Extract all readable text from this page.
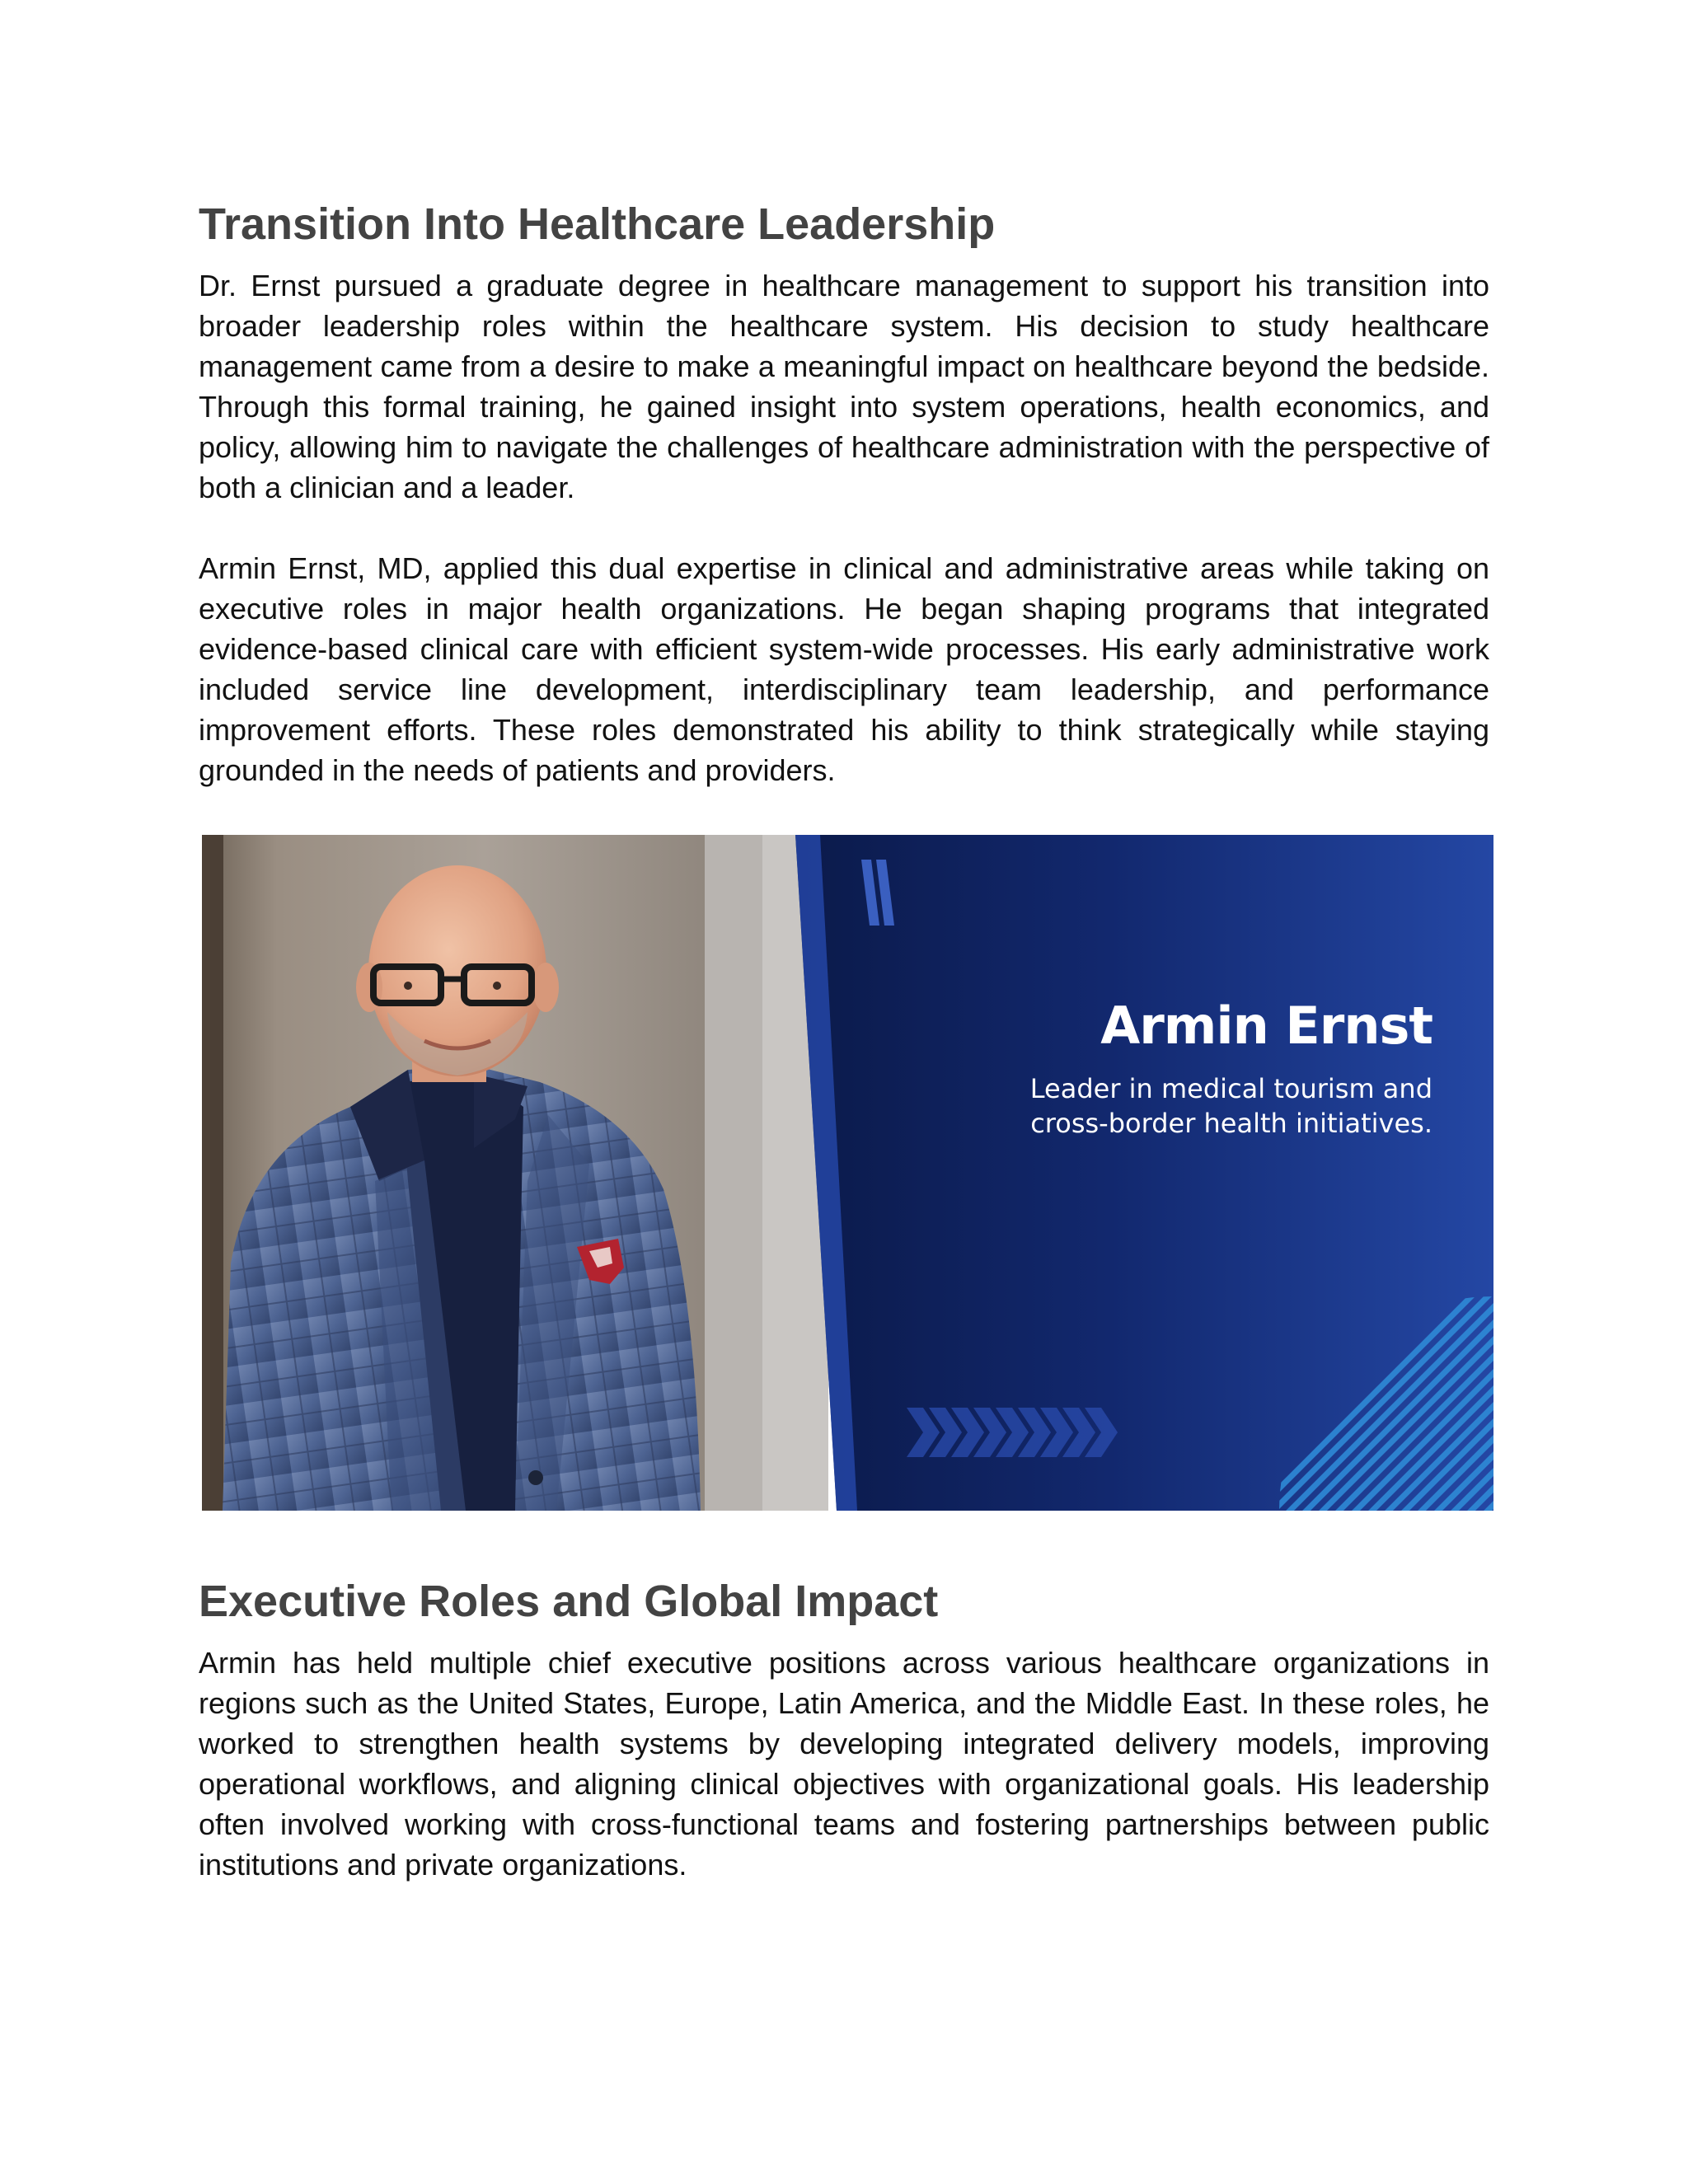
Transition Into Healthcare Leadership

Dr. Ernst pursued a graduate degree in healthcare management to support his transition into broader leadership roles within the healthcare system. His decision to study healthcare management came from a desire to make a meaningful impact on healthcare beyond the bedside. Through this formal training, he gained insight into system operations, health economics, and policy, allowing him to navigate the challenges of healthcare administration with the perspective of both a clinician and a leader.

Armin Ernst, MD, applied this dual expertise in clinical and administrative areas while taking on executive roles in major health organizations. He began shaping programs that integrated evidence-based clinical care with efficient system-wide processes. His early administrative work included service line development, interdisciplinary team leadership, and performance improvement efforts. These roles demonstrated his ability to think strategically while staying grounded in the needs of patients and providers.

Armin Ernst
Leader in medical tourism and
cross-border health initiatives.
Executive Roles and Global Impact

Armin has held multiple chief executive positions across various healthcare organizations in regions such as the United States, Europe, Latin America, and the Middle East. In these roles, he worked to strengthen health systems by developing integrated delivery models, improving operational workflows, and aligning clinical objectives with organizational goals. His leadership often involved working with cross-functional teams and fostering partnerships between public institutions and private organizations.
